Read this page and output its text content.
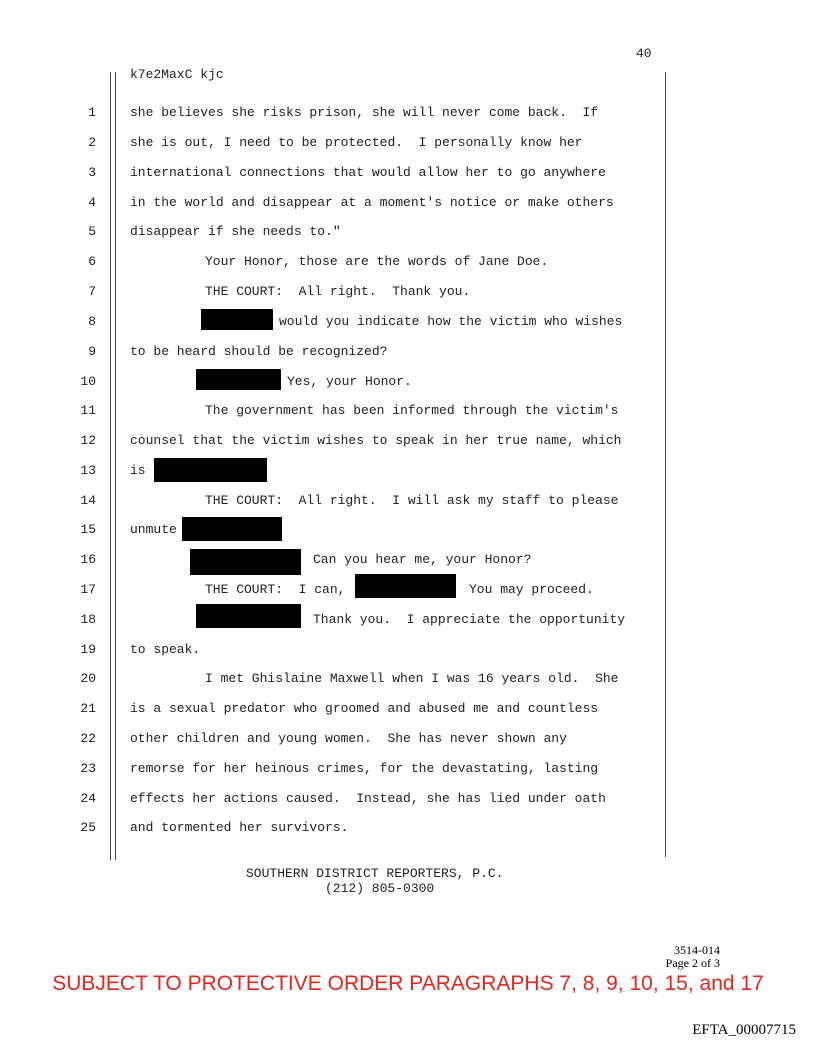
40
k7e2MaxC kjc
1
2
3
4
5
6
7
8
9
10
11
12
13
14
15
16
17
18
19
20
21
22
23
24
25
she believes she risks prison, she will never come back.  If
she is out, I need to be protected.  I personally know her
international connections that would allow her to go anywhere
in the world and disappear at a moment's notice or make others
disappear if she needs to."
Your Honor, those are the words of Jane Doe.
THE COURT:  All right.  Thank you.
would you indicate how the victim who wishes
to be heard should be recognized?
Yes, your Honor.
The government has been informed through the victim's
counsel that the victim wishes to speak in her true name, which
is
THE COURT:  All right.  I will ask my staff to please
unmute
Can you hear me, your Honor?
THE COURT:  I can,	You may proceed.
Thank you.  I appreciate the opportunity
to speak.
I met Ghislaine Maxwell when I was 16 years old.  She
is a sexual predator who groomed and abused me and countless
other children and young women.  She has never shown any
remorse for her heinous crimes, for the devastating, lasting
effects her actions caused.  Instead, she has lied under oath
and tormented her survivors.
SOUTHERN DISTRICT REPORTERS, P.C.
(212) 805-0300
3514-014
Page 2 of 3
SUBJECT TO PROTECTIVE ORDER PARAGRAPHS 7, 8, 9, 10, 15, and 17
EFTA_00007715
